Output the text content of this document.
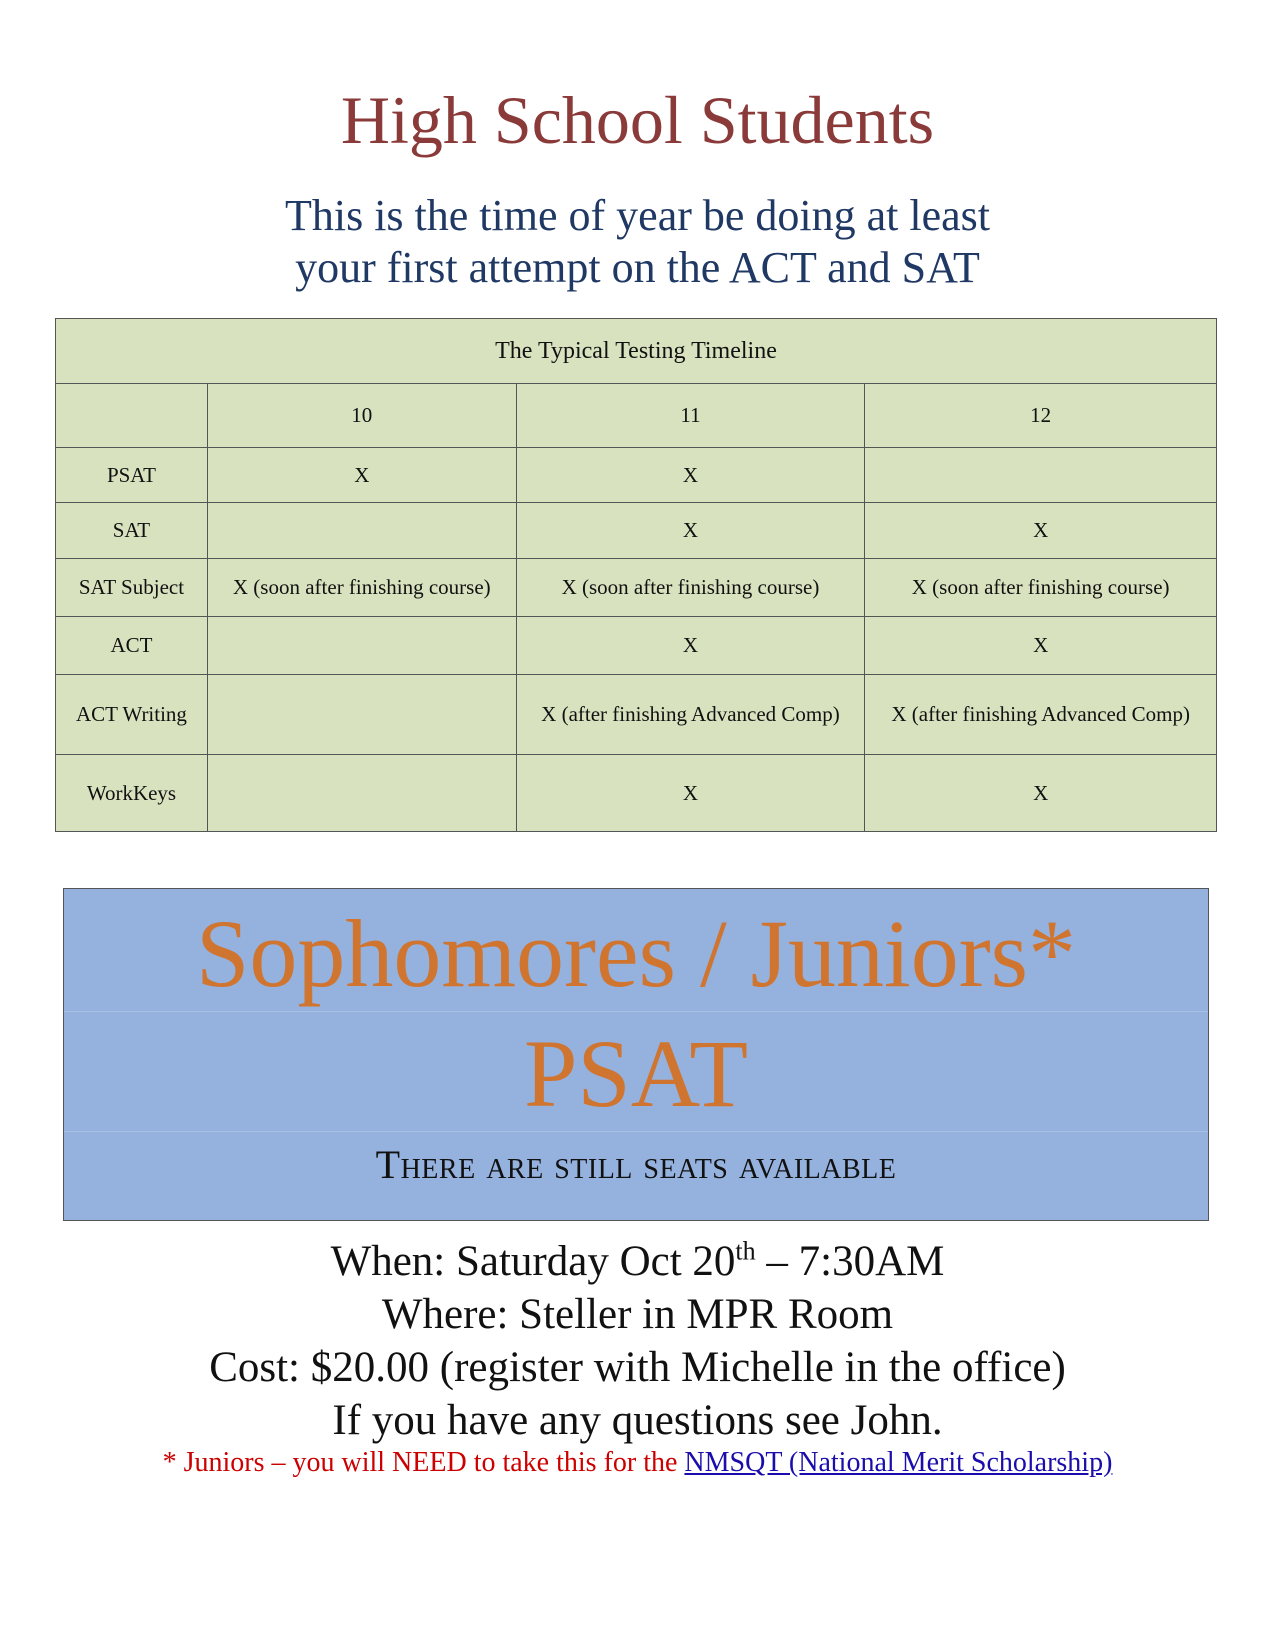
High School Students
This is the time of year be doing at least
your first attempt on the ACT and SAT
The Typical Testing Timeline			
	10	11	12
PSAT	X	X	
SAT		X	X
SAT Subject	X (soon after finishing course)	X (soon after finishing course)	X (soon after finishing course)
ACT		X	X
ACT Writing		X (after finishing Advanced Comp)	X (after finishing Advanced Comp)
WorkKeys		X	X
Sophomores / Juniors*
PSAT
There are still seats available
When: Saturday Oct 20th – 7:30AM
Where: Steller in MPR Room
Cost: $20.00 (register with Michelle in the office)
If you have any questions see John.
* Juniors – you will NEED to take this for the NMSQT (National Merit Scholarship)
